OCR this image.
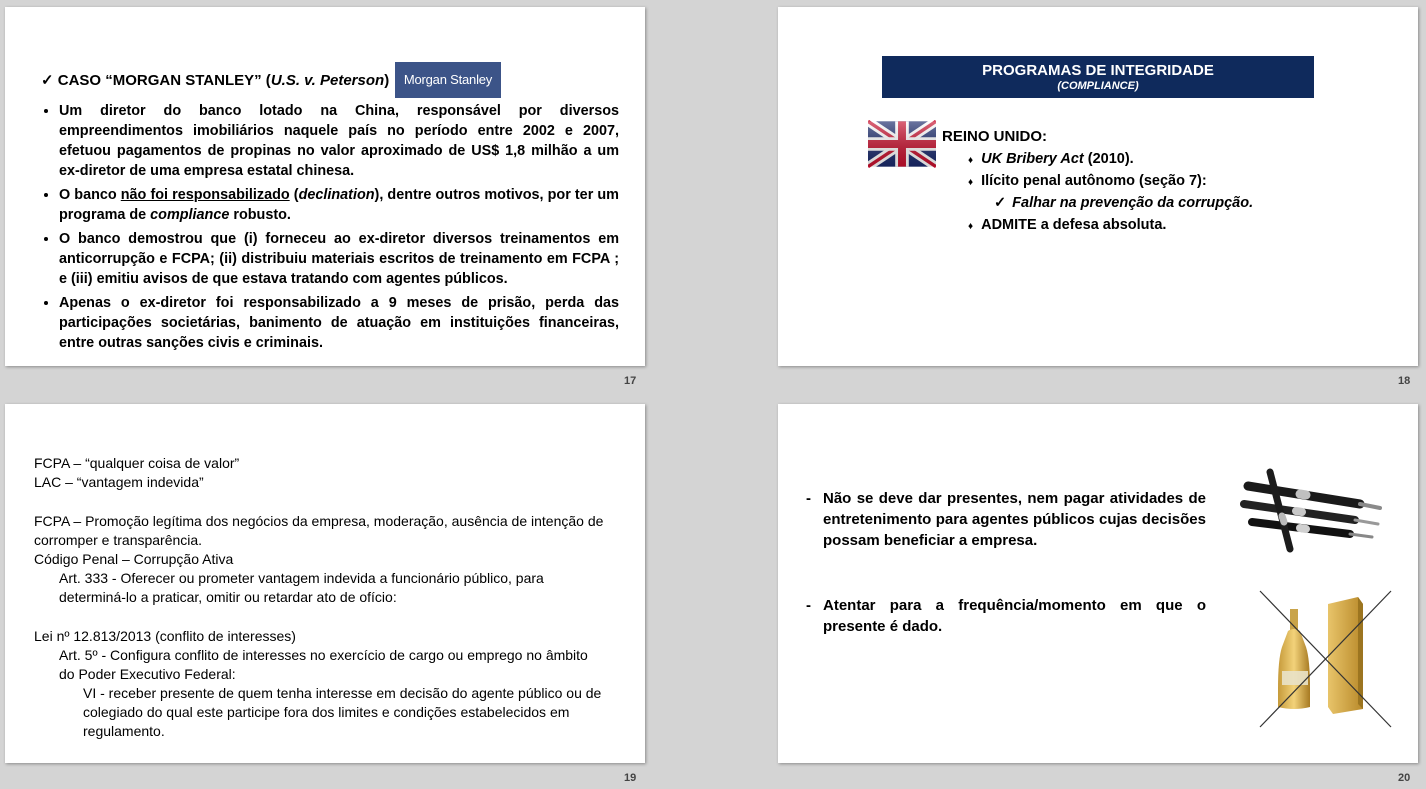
✓ CASO “MORGAN STANLEY” (U.S. v. Peterson)	Morgan Stanley
• Um diretor do banco lotado na China, responsável por diversos empreendimentos imobiliários naquele país no período entre 2002 e 2007, efetuou pagamentos de propinas no valor aproximado de US$ 1,8 milhão a um ex-diretor de uma empresa estatal chinesa.
• O banco não foi responsabilizado (declination), dentre outros motivos, por ter um programa de compliance robusto.
• O banco demostrou que (i) forneceu ao ex-diretor diversos treinamentos em anticorrupção e FCPA; (ii) distribuiu materiais escritos de treinamento em FCPA ; e (iii) emitiu avisos de que estava tratando com agentes públicos.
• Apenas o ex-diretor foi responsabilizado a 9 meses de prisão, perda das participações societárias, banimento de atuação em instituições financeiras, entre outras sanções civis e criminais.
17
PROGRAMAS DE INTEGRIDADE
(COMPLIANCE)
REINO UNIDO:
♦ UK Bribery Act (2010).
♦ Ilícito penal autônomo (seção 7):
✓ Falhar na prevenção da corrupção.
♦ ADMITE a defesa absoluta.
18
FCPA – “qualquer coisa de valor”
LAC – “vantagem indevida”
FCPA – Promoção legítima dos negócios da empresa, moderação, ausência de intenção de
corromper e transparência.
Código Penal – Corrupção Ativa
Art. 333 - Oferecer ou prometer vantagem indevida a funcionário público, para
determiná-lo a praticar, omitir ou retardar ato de ofício:
Lei nº 12.813/2013 (conflito de interesses)
Art. 5º - Configura conflito de interesses no exercício de cargo ou emprego no âmbito
do Poder Executivo Federal:
VI - receber presente de quem tenha interesse em decisão do agente público ou de
colegiado do qual este participe fora dos limites e condições estabelecidos em
regulamento.
19
- Não se deve dar presentes, nem pagar atividades de entretenimento para agentes públicos cujas decisões possam beneficiar a empresa.
- Atentar para a frequência/momento em que o presente é dado.
20
